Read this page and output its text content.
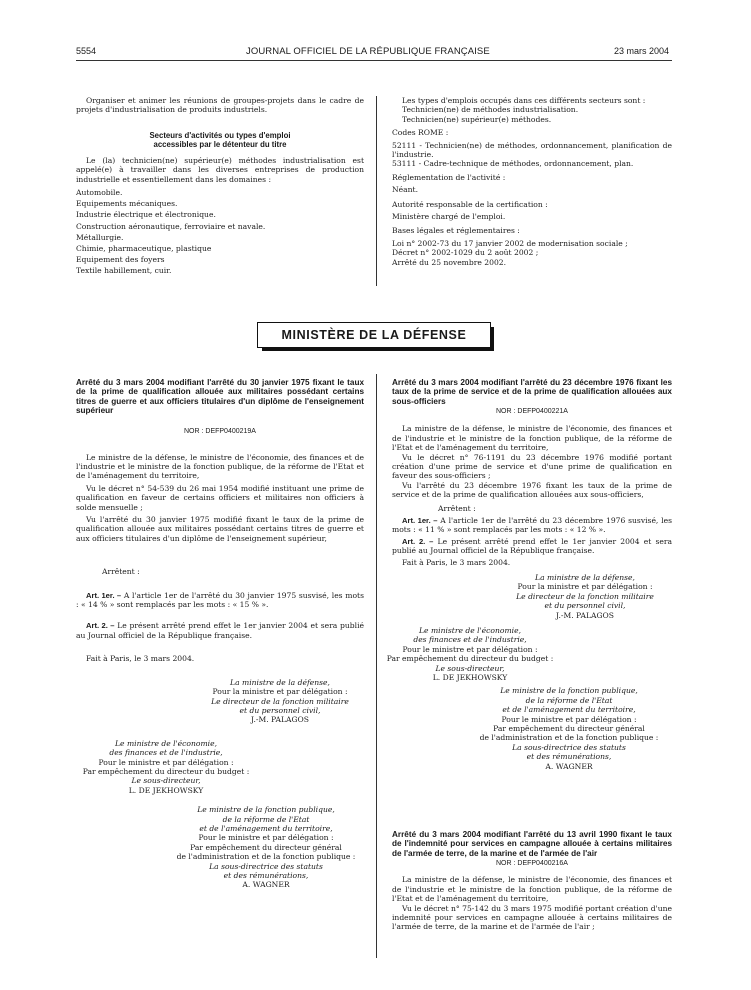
5554	JOURNAL OFFICIEL DE LA RÉPUBLIQUE FRANÇAISE	23 mars 2004

Organiser et animer les réunions de groupes-projets dans le cadre de projets d'industrialisation de produits industriels.

Secteurs d'activités ou types d'emploi

accessibles par le détenteur du titre

Le (la) technicien(ne) supérieur(e) méthodes industrialisation est appelé(e) à travailler dans les diverses entreprises de production industrielle et essentiellement dans les domaines :

Automobile.

Equipements mécaniques.

Industrie électrique et électronique.

Construction aéronautique, ferroviaire et navale.

Métallurgie.

Chimie, pharmaceutique, plastique

Equipement des foyers

Textile habillement, cuir.

Les types d'emplois occupés dans ces différents secteurs sont :

Technicien(ne) de méthodes industrialisation.

Technicien(ne) supérieur(e) méthodes.

Codes ROME :

52111 - Technicien(ne) de méthodes, ordonnancement, planification de l'industrie.

53111 - Cadre-technique de méthodes, ordonnancement, plan.

Réglementation de l'activité :

Néant.

Autorité responsable de la certification :

Ministère chargé de l'emploi.

Bases légales et réglementaires :

Loi n° 2002-73 du 17 janvier 2002 de modernisation sociale ;

Décret n° 2002-1029 du 2 août 2002 ;

Arrêté du 25 novembre 2002.

MINISTÈRE DE LA DÉFENSE

Arrêté du 3 mars 2004 modifiant l'arrêté du 30 janvier 1975 fixant le taux de la prime de qualification allouée aux militaires possédant certains titres de guerre et aux officiers titulaires d'un diplôme de l'enseignement supérieur

NOR : DEFP0400219A

Le ministre de la défense, le ministre de l'économie, des finances et de l'industrie et le ministre de la fonction publique, de la réforme de l'Etat et de l'aménagement du territoire,

Vu le décret n° 54-539 du 26 mai 1954 modifié instituant une prime de qualification en faveur de certains officiers et militaires non officiers à solde mensuelle ;

Vu l'arrêté du 30 janvier 1975 modifié fixant le taux de la prime de qualification allouée aux militaires possédant certains titres de guerre et aux officiers titulaires d'un diplôme de l'enseignement supérieur,

Arrêtent :

Art. 1er. – A l'article 1er de l'arrêté du 30 janvier 1975 susvisé, les mots : « 14 % » sont remplacés par les mots : « 15 % ».

Art. 2. – Le présent arrêté prend effet le 1er janvier 2004 et sera publié au Journal officiel de la République française.

Fait à Paris, le 3 mars 2004.

La ministre de la défense,

Pour la ministre et par délégation :

Le directeur de la fonction militaire

et du personnel civil,

J.-M. PALAGOS

Le ministre de l'économie,

des finances et de l'industrie,

Pour le ministre et par délégation :

Par empêchement du directeur du budget :

Le sous-directeur,

L. DE JEKHOWSKY

Le ministre de la fonction publique,

de la réforme de l'Etat

et de l'aménagement du territoire,

Pour le ministre et par délégation :

Par empêchement du directeur général

de l'administration et de la fonction publique :

La sous-directrice des statuts

et des rémunérations,

A. WAGNER

Arrêté du 3 mars 2004 modifiant l'arrêté du 23 décembre 1976 fixant les taux de la prime de service et de la prime de qualification allouées aux sous-officiers

NOR : DEFP0400221A

La ministre de la défense, le ministre de l'économie, des finances et de l'industrie et le ministre de la fonction publique, de la réforme de l'Etat et de l'aménagement du territoire,

Vu le décret n° 76-1191 du 23 décembre 1976 modifié portant création d'une prime de service et d'une prime de qualification en faveur des sous-officiers ;

Vu l'arrêté du 23 décembre 1976 fixant les taux de la prime de service et de la prime de qualification allouées aux sous-officiers,

Arrêtent :

Art. 1er. – A l'article 1er de l'arrêté du 23 décembre 1976 susvisé, les mots : « 11 % » sont remplacés par les mots : « 12 % ».

Art. 2. – Le présent arrêté prend effet le 1er janvier 2004 et sera publié au Journal officiel de la République française.

Fait à Paris, le 3 mars 2004.

La ministre de la défense,

Pour la ministre et par délégation :

Le directeur de la fonction militaire

et du personnel civil,

J.-M. PALAGOS

Le ministre de l'économie,

des finances et de l'industrie,

Pour le ministre et par délégation :

Par empêchement du directeur du budget :

Le sous-directeur,

L. DE JEKHOWSKY

Le ministre de la fonction publique,

de la réforme de l'Etat

et de l'aménagement du territoire,

Pour le ministre et par délégation :

Par empêchement du directeur général

de l'administration et de la fonction publique :

La sous-directrice des statuts

et des rémunérations,

A. WAGNER

Arrêté du 3 mars 2004 modifiant l'arrêté du 13 avril 1990 fixant le taux de l'indemnité pour services en campagne allouée à certains militaires de l'armée de terre, de la marine et de l'armée de l'air

NOR : DEFP0400216A

La ministre de la défense, le ministre de l'économie, des finances et de l'industrie et le ministre de la fonction publique, de la réforme de l'Etat et de l'aménagement du territoire,

Vu le décret n° 75-142 du 3 mars 1975 modifié portant création d'une indemnité pour services en campagne allouée à certains militaires de l'armée de terre, de la marine et de l'armée de l'air ;
